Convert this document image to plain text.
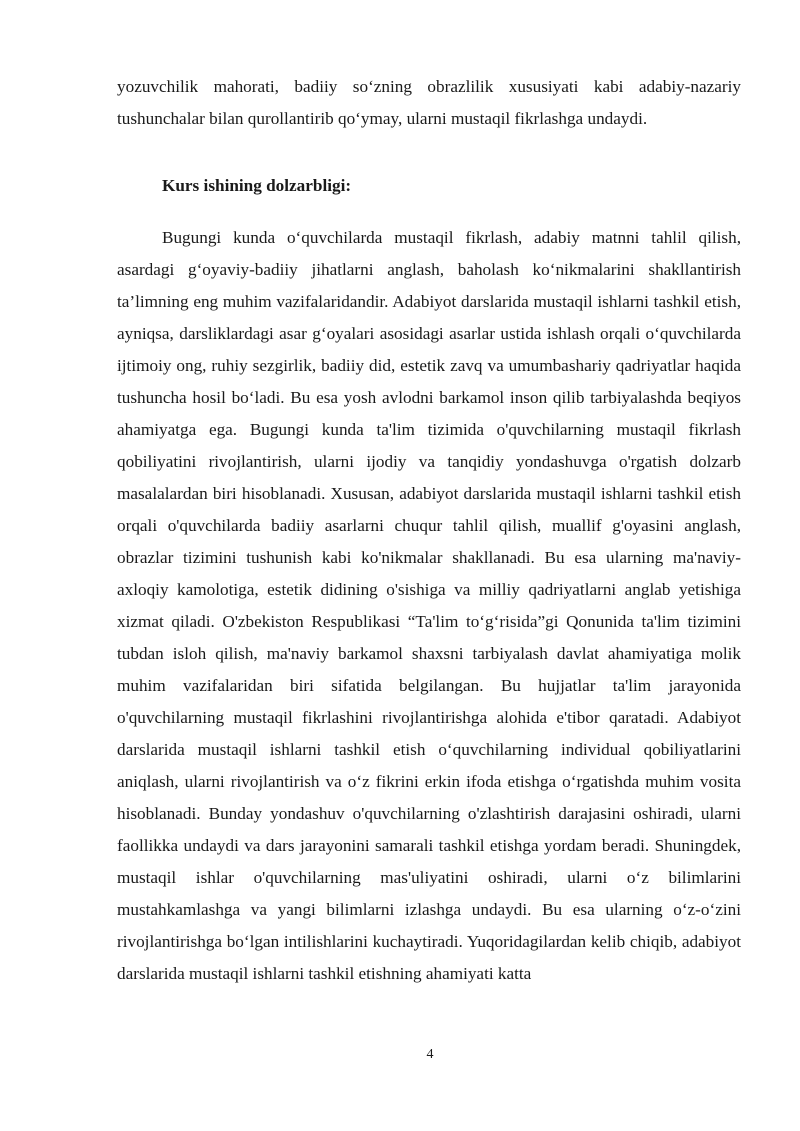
yozuvchilik mahorati, badiiy so‘zning obrazlilik xususiyati kabi adabiy-nazariy tushunchalar bilan qurollantirib qo‘ymay, ularni mustaqil fikrlashga undaydi.

Kurs ishining dolzarbligi:

Bugungi kunda o‘quvchilarda mustaqil fikrlash, adabiy matnni tahlil qilish, asardagi g‘oyaviy-badiiy jihatlarni anglash, baholash ko‘nikmalarini shakllantirish ta’limning eng muhim vazifalaridandir. Adabiyot darslarida mustaqil ishlarni tashkil etish, ayniqsa, darsliklardagi asar g‘oyalari asosidagi asarlar ustida ishlash orqali o‘quvchilarda ijtimoiy ong, ruhiy sezgirlik, badiiy did, estetik zavq va umumbashariy qadriyatlar haqida tushuncha hosil bo‘ladi. Bu esa yosh avlodni barkamol inson qilib tarbiyalashda beqiyos ahamiyatga ega. Bugungi kunda ta'lim tizimida o'quvchilarning mustaqil fikrlash qobiliyatini rivojlantirish, ularni ijodiy va tanqidiy yondashuvga o'rgatish dolzarb masalalardan biri hisoblanadi. Xususan, adabiyot darslarida mustaqil ishlarni tashkil etish orqali o'quvchilarda badiiy asarlarni chuqur tahlil qilish, muallif g'oyasini anglash, obrazlar tizimini tushunish kabi ko'nikmalar shakllanadi. Bu esa ularning ma'naviy-axloqiy kamolotiga, estetik didining o'sishiga va milliy qadriyatlarni anglab yetishiga xizmat qiladi. O'zbekiston Respublikasi “Ta'lim to‘g‘risida”gi Qonunida ta'lim tizimini tubdan isloh qilish, ma'naviy barkamol shaxsni tarbiyalash davlat ahamiyatiga molik muhim vazifalaridan biri sifatida belgilangan. Bu hujjatlar ta'lim jarayonida o'quvchilarning mustaqil fikrlashini rivojlantirishga alohida e'tibor qaratadi. Adabiyot darslarida mustaqil ishlarni tashkil etish o‘quvchilarning individual qobiliyatlarini aniqlash, ularni rivojlantirish va o‘z fikrini erkin ifoda etishga o‘rgatishda muhim vosita hisoblanadi. Bunday yondashuv o'quvchilarning o'zlashtirish darajasini oshiradi, ularni faollikka undaydi va dars jarayonini samarali tashkil etishga yordam beradi. Shuningdek, mustaqil ishlar o'quvchilarning mas'uliyatini oshiradi, ularni o‘z bilimlarini mustahkamlashga va yangi bilimlarni izlashga undaydi. Bu esa ularning o‘z-o‘zini rivojlantirishga bo‘lgan intilishlarini kuchaytiradi. Yuqoridagilardan kelib chiqib, adabiyot darslarida mustaqil ishlarni tashkil etishning ahamiyati katta

4
